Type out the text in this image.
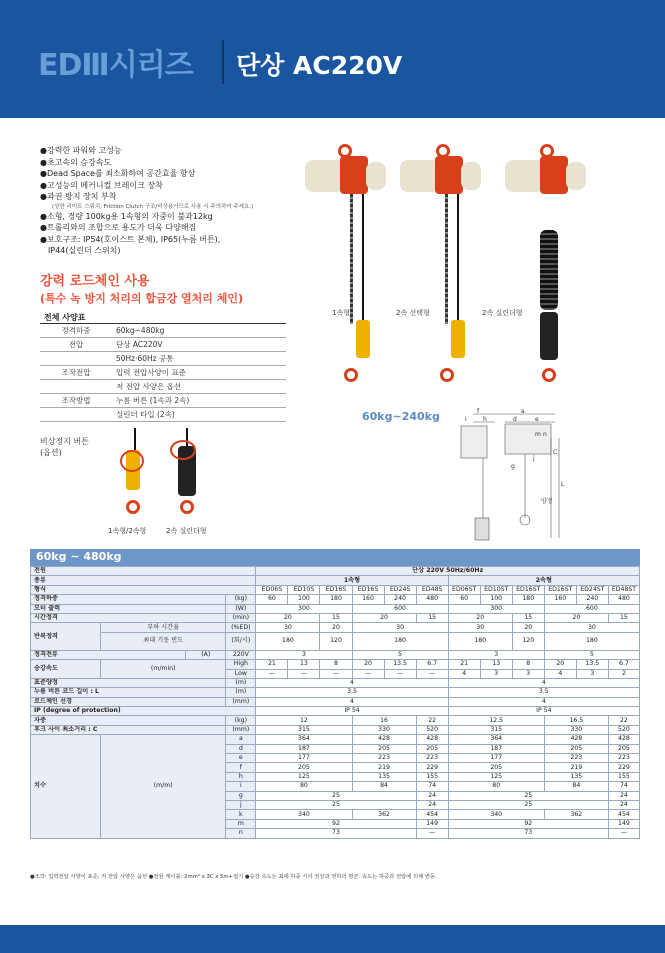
EDⅢ시리즈 단상 AC220V
●강력한 파워와 고성능
●초고속의 승강속도
●Dead Space를 최소화하여 공간효율 향상
●고성능의 메커니컬 브레이크 장착
●과권 방지 장치 부착
(상한 리미트 스위치, Friction Clutch 구조/비상용이므로 사용 시 주의하여 주세요.)
●소형, 경량 100kg용 1속형의 자중이 불과12kg
●트롤리와의 조합으로 용도가 더욱 다양해짐
●보호구조: IP54(호이스트 본체), IP65(누름 버튼),
IP44(실린더 스위치)
강력 로드체인 사용
(특수 녹 방지 처리의 합금강 열처리 체인)
전체 사양표
정격하중	60kg~480kg
전압	단상 AC220V
	50Hz·60Hz 공통
조작전압	입력 전압사양이 표준
	저 전압 사양은 옵션
조작방법	누름 버튼 (1속과 2속)
	실린더 타입 (2속)
1속형	2속 선택형	2속 실린더형
60kg~240kg	f	a
i	h	d	e
m n
C
j
L
g
양정
비상정지 버튼
(옵션)
1속형/2속형	2속 실린더형
60kg ~ 480kg
전원				단상 220V 50Hz/60Hz											
종류				1속형						2속형					
형식				ED06S	ED10S	ED16S	ED16S	ED24S	ED48S	ED06ST	ED10ST	ED16ST	ED16ST	ED24ST	ED48ST
정격하중			(kg)	60	100	180	160	240	480	60	100	180	160	240	480
모터 출력			(W)	300			600			300			600		
시간정격			(min)	20		15	20		15	20		15	20		15
반복정격	부하 시간율		(%ED)	30		20	30			30		20	30		
	최대 기동 빈도		(회/시)	180		120	180			180		120	180		
정격전류		(A)	220V	3			5			3			5		
승강속도	(m/min)		High	21	13	8	20	13.5	6.7	21	13	8	20	13.5	6.7
			Low	—	—	—	—	—	—	4	3	3	4	3	2
표준양정			(m)	4						4					
누름 버튼 코드 길이 : L			(m)	3.5						3.5					
로드체인 선경			(mm)	4						4					
IP (degree of protection)				IP 54						IP 54					
자중			(kg)	12			16		22	12.5			16.5		22
후크 사이 최소거리 : C			(mm)	315			330		520	315			330		520
치수	(m/m)		a	364			428		428	364			428		428
			d	187			205		205	187			205		205
			e	177			223		223	177			223		223
			f	205			219		229	205			219		229
			h	125			135		155	125			135		155
			i	80			84		74	80			84		74
			g	25					24	25					24
			j	25					24	25					24
			k	340			362		454	340			362		454
			m	92					149	92					149
			n	73					—	73					—
●조작: 입력전압 사양이 표준, 저 전압 사양은 옵션 ●전원 케이블: 2mm² x 3C x 5m+접지 ●승강 속도는 최대 하중 시의 권상과 권하의 평균. 속도는 하중과 전압에 의해 변동.
